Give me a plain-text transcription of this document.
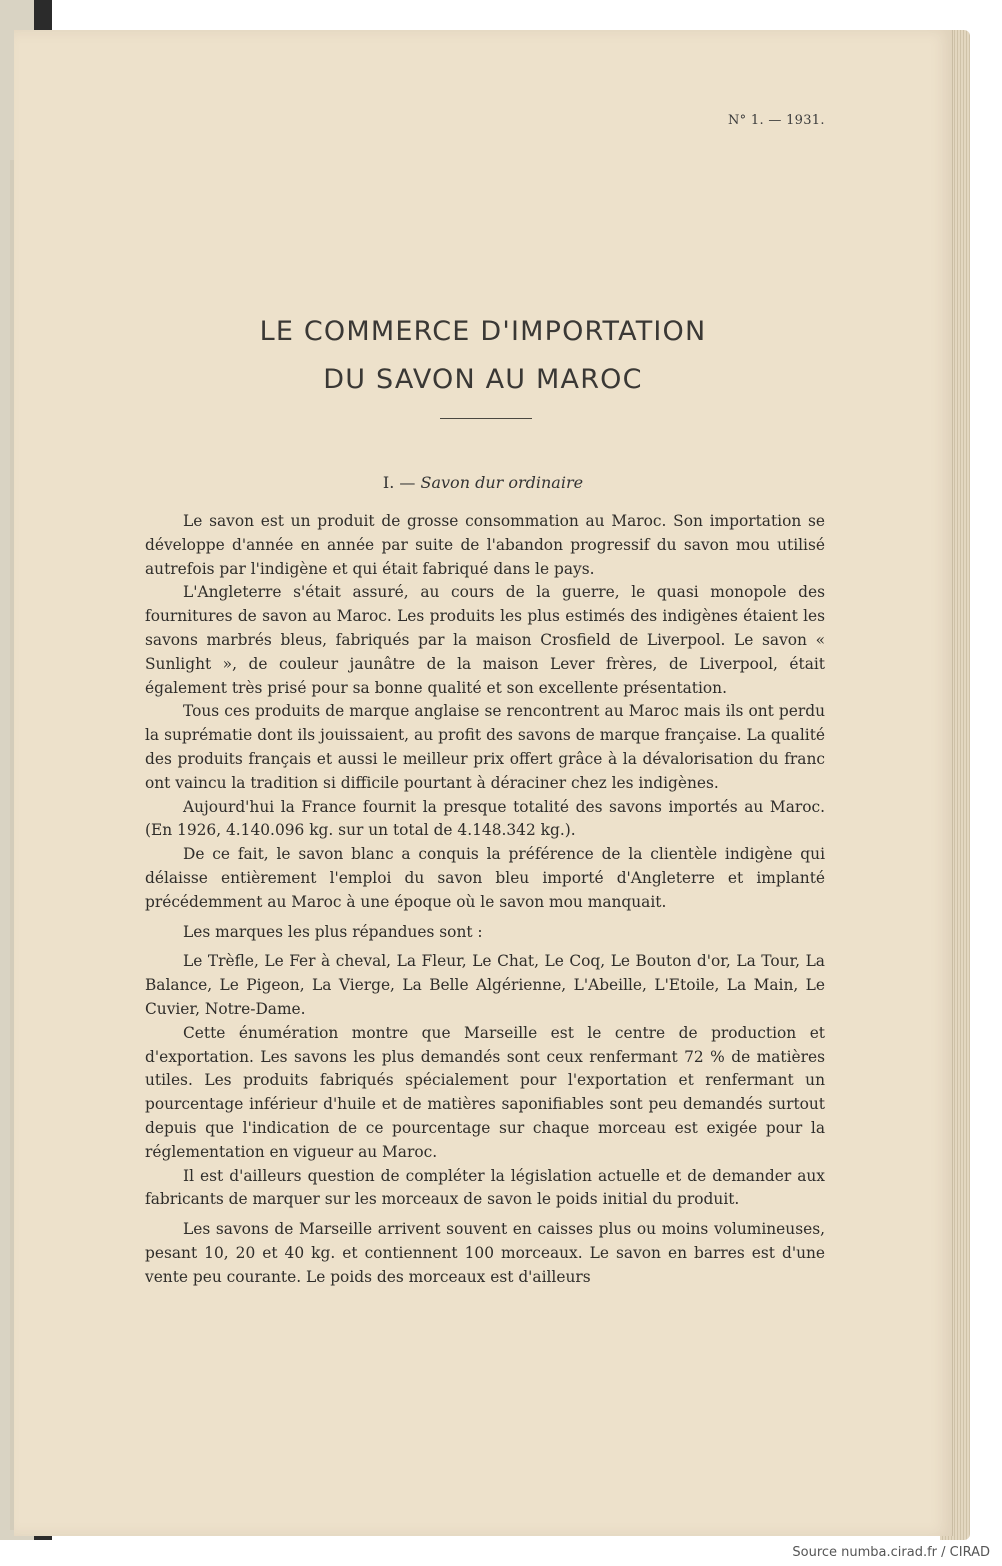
N° 1. — 1931.
LE COMMERCE D'IMPORTATION
DU SAVON AU MAROC
I. — Savon dur ordinaire

Le savon est un produit de grosse consommation au Maroc. Son importation se développe d'année en année par suite de l'abandon progressif du savon mou utilisé autrefois par l'indigène et qui était fabriqué dans le pays.

L'Angleterre s'était assuré, au cours de la guerre, le quasi monopole des fournitures de savon au Maroc. Les produits les plus estimés des indigènes étaient les savons marbrés bleus, fabriqués par la maison Crosfield de Liverpool. Le savon « Sunlight », de couleur jaunâtre de la maison Lever frères, de Liverpool, était également très prisé pour sa bonne qualité et son excellente présentation.

Tous ces produits de marque anglaise se rencontrent au Maroc mais ils ont perdu la suprématie dont ils jouissaient, au profit des savons de marque française. La qualité des produits français et aussi le meilleur prix offert grâce à la dévalorisation du franc ont vaincu la tradition si difficile pourtant à déraciner chez les indigènes.

Aujourd'hui la France fournit la presque totalité des savons importés au Maroc. (En 1926, 4.140.096 kg. sur un total de 4.148.342 kg.).

De ce fait, le savon blanc a conquis la préférence de la clientèle indigène qui délaisse entièrement l'emploi du savon bleu importé d'Angleterre et implanté précédemment au Maroc à une époque où le savon mou manquait.

Les marques les plus répandues sont :

Le Trèfle, Le Fer à cheval, La Fleur, Le Chat, Le Coq, Le Bouton d'or, La Tour, La Balance, Le Pigeon, La Vierge, La Belle Algérienne, L'Abeille, L'Etoile, La Main, Le Cuvier, Notre-Dame.

Cette énumération montre que Marseille est le centre de production et d'exportation. Les savons les plus demandés sont ceux renfermant 72 % de matières utiles. Les produits fabriqués spécialement pour l'exportation et renfermant un pourcentage inférieur d'huile et de matières saponifiables sont peu demandés surtout depuis que l'indication de ce pourcentage sur chaque morceau est exigée pour la réglementation en vigueur au Maroc.

Il est d'ailleurs question de compléter la législation actuelle et de demander aux fabricants de marquer sur les morceaux de savon le poids initial du produit.

Les savons de Marseille arrivent souvent en caisses plus ou moins volumineuses, pesant 10, 20 et 40 kg. et contiennent 100 morceaux. Le savon en barres est d'une vente peu courante. Le poids des morceaux est d'ailleurs

Source numba.cirad.fr / CIRAD
